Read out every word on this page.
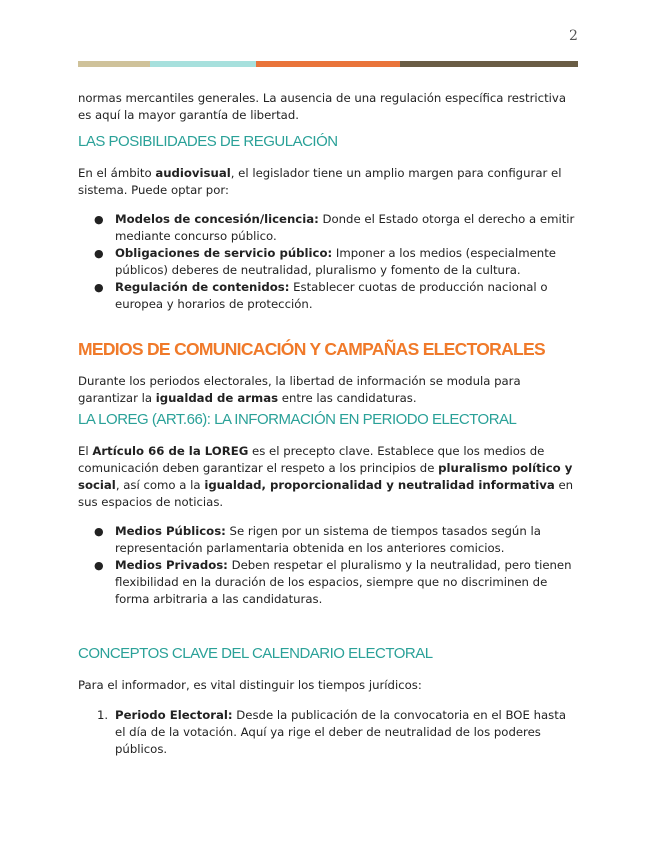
2

normas mercantiles generales. La ausencia de una regulación específica restrictiva es aquí la mayor garantía de libertad.

LAS POSIBILIDADES DE REGULACIÓN

En el ámbito audiovisual, el legislador tiene un amplio margen para configurar el sistema. Puede optar por:

● Modelos de concesión/licencia: Donde el Estado otorga el derecho a emitir mediante concurso público.
● Obligaciones de servicio público: Imponer a los medios (especialmente públicos) deberes de neutralidad, pluralismo y fomento de la cultura.
● Regulación de contenidos: Establecer cuotas de producción nacional o europea y horarios de protección.
MEDIOS DE COMUNICACIÓN Y CAMPAÑAS ELECTORALES

Durante los periodos electorales, la libertad de información se modula para garantizar la igualdad de armas entre las candidaturas.

LA LOREG (ART.66): LA INFORMACIÓN EN PERIODO ELECTORAL

El Artículo 66 de la LOREG es el precepto clave. Establece que los medios de comunicación deben garantizar el respeto a los principios de pluralismo político y social, así como a la igualdad, proporcionalidad y neutralidad informativa en sus espacios de noticias.

● Medios Públicos: Se rigen por un sistema de tiempos tasados según la representación parlamentaria obtenida en los anteriores comicios.
● Medios Privados: Deben respetar el pluralismo y la neutralidad, pero tienen flexibilidad en la duración de los espacios, siempre que no discriminen de forma arbitraria a las candidaturas.
CONCEPTOS CLAVE DEL CALENDARIO ELECTORAL

Para el informador, es vital distinguir los tiempos jurídicos:

1. Periodo Electoral: Desde la publicación de la convocatoria en el BOE hasta el día de la votación. Aquí ya rige el deber de neutralidad de los poderes públicos.
